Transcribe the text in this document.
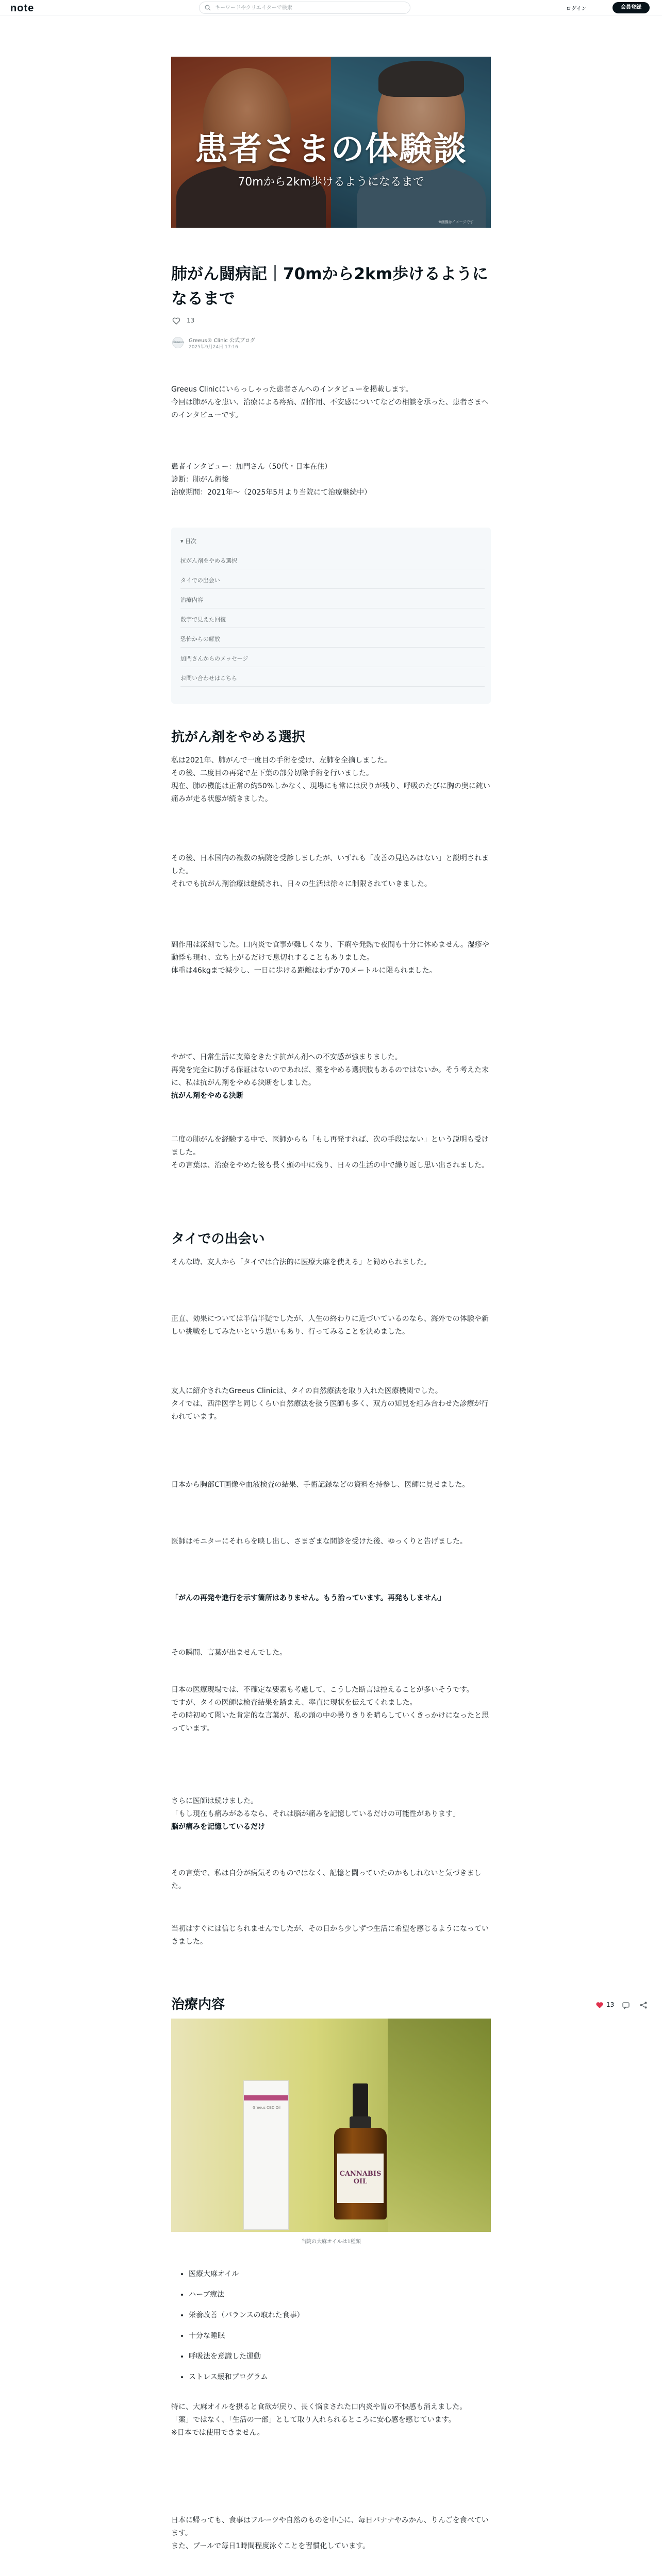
note
キーワードやクリエイターで検索	ログイン	会員登録
患者さまの体験談
70mから2km歩けるようになるまで
※画像はイメージです
肺がん闘病記｜70mから2km歩けるようになるまで
13
Greeus Greeus® Clinic 公式ブログ
2025年9月24日 17:16
Greeus Clinicにいらっしゃった患者さんへのインタビューを掲載します。
今回は肺がんを患い、治療による疼痛、副作用、不安感についてなどの相談を承った、患者さまへのインタビューです。
患者インタビュー：加門さん（50代・日本在住）
診断：肺がん術後
治療期間：2021年〜（2025年5月より当院にて治療継続中）
▾ 目次
抗がん剤をやめる選択
タイでの出会い
治療内容
数字で見えた回復
恐怖からの解放
加門さんからのメッセージ
お問い合わせはこちら
抗がん剤をやめる選択
私は2021年、肺がんで一度目の手術を受け、左肺を全摘しました。
その後、二度目の再発で左下葉の部分切除手術を行いました。
現在、肺の機能は正常の約50%しかなく、現場にも常には戻りが残り、呼吸のたびに胸の奥に鈍い痛みが走る状態が続きました。
その後、日本国内の複数の病院を受診しましたが、いずれも「改善の見込みはない」と説明されました。
それでも抗がん剤治療は継続され、日々の生活は徐々に制限されていきました。
副作用は深刻でした。口内炎で食事が難しくなり、下痢や発熱で夜間も十分に休めません。湿疹や動悸も現れ、立ち上がるだけで息切れすることもありました。
体重は46kgまで減少し、一日に歩ける距離はわずか70メートルに限られました。
やがて、日常生活に支障をきたす抗がん剤への不安感が強まりました。
再発を完全に防げる保証はないのであれば、薬をやめる選択肢もあるのではないか。そう考えた末に、私は抗がん剤をやめる決断をしました。
抗がん剤をやめる決断
二度の肺がんを経験する中で、医師からも「もし再発すれば、次の手段はない」という説明も受けました。
その言葉は、治療をやめた後も長く頭の中に残り、日々の生活の中で繰り返し思い出されました。
タイでの出会い
そんな時、友人から「タイでは合法的に医療大麻を使える」と勧められました。
正直、効果については半信半疑でしたが、人生の終わりに近づいているのなら、海外での体験や新しい挑戦をしてみたいという思いもあり、行ってみることを決めました。
友人に紹介されたGreeus Clinicは、タイの自然療法を取り入れた医療機関でした。
タイでは、西洋医学と同じくらい自然療法を扱う医師も多く、双方の知見を組み合わせた診療が行われています。
日本から胸部CT画像や血液検査の結果、手術記録などの資料を持参し、医師に見せました。
医師はモニターにそれらを映し出し、さまざまな間診を受けた後、ゆっくりと告げました。
「がんの再発や進行を示す箇所はありません。もう治っています。再発もしません」
その瞬間、言葉が出ませんでした。
日本の医療現場では、不確定な要素も考慮して、こうした断言は控えることが多いそうです。
ですが、タイの医師は検査結果を踏まえ、率直に現状を伝えてくれました。
その時初めて聞いた肯定的な言葉が、私の頭の中の曇りきりを晴らしていくきっかけになったと思っています。
さらに医師は続けました。
「もし現在も痛みがあるなら、それは脳が痛みを記憶しているだけの可能性があります」
脳が痛みを記憶しているだけ
その言葉で、私は自分が病気そのものではなく、記憶と闘っていたのかもしれないと気づきました。
当初はすぐには信じられませんでしたが、その日から少しずつ生活に希望を感じるようになっていきました。
治療内容	13
Greeus CBD Oil
CANNABIS OIL
当院の大麻オイルは1種類
• 医療大麻オイル
• ハーブ療法
• 栄養改善（バランスの取れた食事）
• 十分な睡眠
• 呼吸法を意識した運動
• ストレス緩和プログラム
特に、大麻オイルを摂ると食欲が戻り、長く悩まされた口内炎や胃の不快感も消えました。
「薬」ではなく、「生活の一部」として取り入れられるところに安心感を感じています。
※日本では使用できません。
日本に帰っても、食事はフルーツや自然のものを中心に、毎日バナナやみかん、りんごを食べています。
また、プールで毎日1時間程度泳ぐことを習慣化しています。
